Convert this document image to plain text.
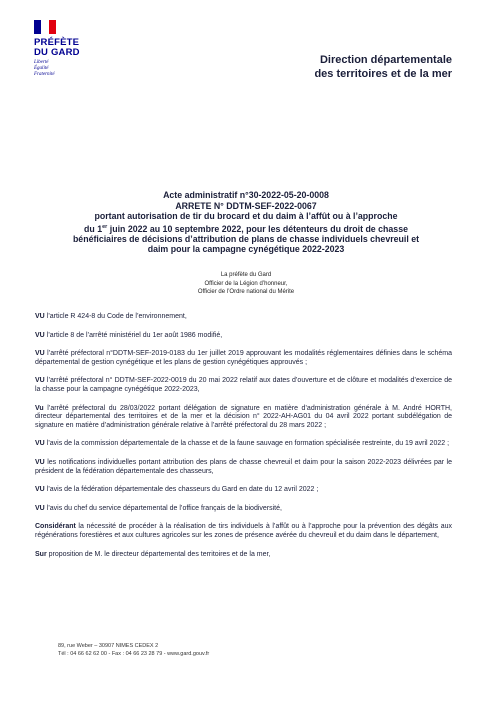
PRÉFÈTE
DU GARD
Liberté
Égalité
Fraternité
Direction départementale
des territoires et de la mer
Acte administratif n°30-2022-05-20-0008
ARRETE N° DDTM-SEF-2022-0067
portant autorisation de tir du brocard et du daim à l’affût ou à l’approche
du 1er juin 2022 au 10 septembre 2022, pour les détenteurs du droit de chasse
bénéficiaires de décisions d’attribution de plans de chasse individuels chevreuil et
daim pour la campagne cynégétique 2022-2023
La préfète du Gard
Officier de la Légion d’honneur,
Officier de l’Ordre national du Mérite

VU l’article R 424-8 du Code de l’environnement,

VU l’article 8 de l’arrêté ministériel du 1er août 1986 modifié,

VU l’arrêté préfectoral n°DDTM-SEF-2019-0183 du 1er juillet 2019 approuvant les modalités réglementaires définies dans le schéma départemental de gestion cynégétique et les plans de gestion cynégétiques approuvés ;

VU l’arrêté préfectoral n° DDTM-SEF-2022-0019 du 20 mai 2022 relatif aux dates d’ouverture et de clôture et modalités d’exercice de la chasse pour la campagne cynégétique 2022-2023,

Vu l’arrêté préfectoral du 28/03/2022 portant délégation de signature en matière d’administration générale à M. André HORTH, directeur départemental des territoires et de la mer et la décision n° 2022-AH-AG01 du 04 avril 2022 portant subdélégation de signature en matière d’administration générale relative à l’arrêté préfectoral du 28 mars 2022 ;

VU l’avis de la commission départementale de la chasse et de la faune sauvage en formation spécialisée restreinte, du 19 avril 2022 ;

VU les notifications individuelles portant attribution des plans de chasse chevreuil et daim pour la saison 2022-2023 délivrées par le président de la fédération départementale des chasseurs,

VU l’avis de la fédération départementale des chasseurs du Gard en date du 12 avril 2022 ;

VU l’avis du chef du service départemental de l’office français de la biodiversité,

Considérant la nécessité de procéder à la réalisation de tirs individuels à l’affût ou à l’approche pour la prévention des dégâts aux régénérations forestières et aux cultures agricoles sur les zones de présence avérée du chevreuil et du daim dans le département,

Sur proposition de M. le directeur départemental des territoires et de la mer,

89, rue Weber – 30907 NIMES CEDEX 2
Tél : 04 66 62 62 00 - Fax : 04 66 23 28 79 - www.gard.gouv.fr
